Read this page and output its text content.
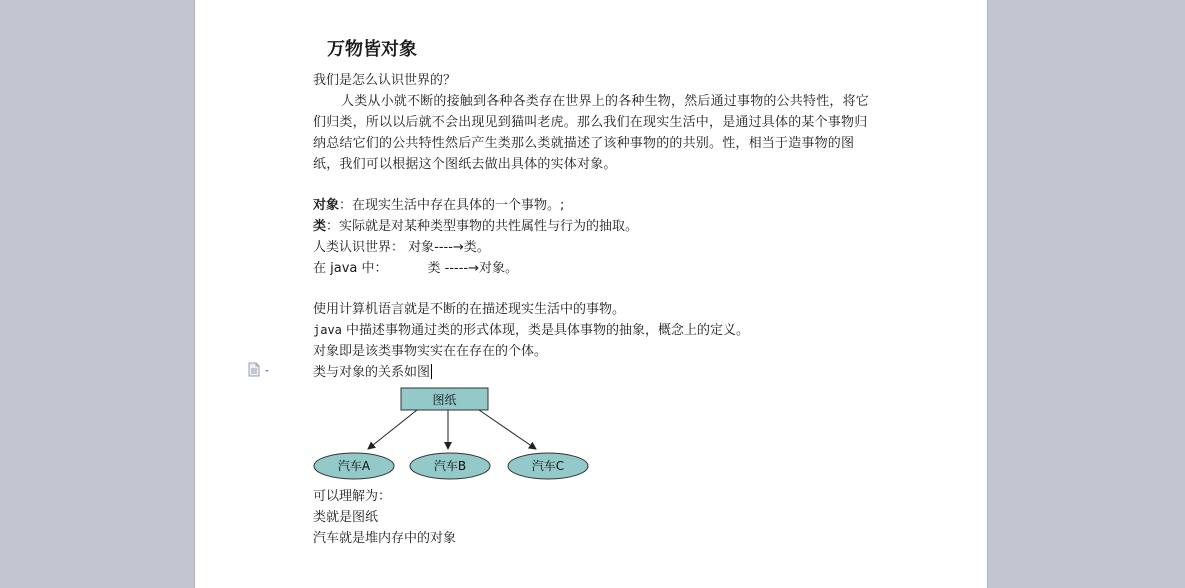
万物皆对象
我们是怎么认识世界的？
人类从小就不断的接触到各种各类存在世界上的各种生物，然后通过事物的公共特性，将它们归类，所以以后就不会出现见到猫叫老虎。那么我们在现实生活中，是通过具体的某个事物归纳总结它们的公共特性然后产生类那么类就描述了该种事物的的共别。性，相当于造事物的图纸，我们可以根据这个图纸去做出具体的实体对象。
对象：在现实生活中存在具体的一个事物。;
类：实际就是对某种类型事物的共性属性与行为的抽取。
人类认识世界： 对象----→类。
在 java 中：	类 -----→对象。
使用计算机语言就是不断的在描述现实生活中的事物。
java 中描述事物通过类的形式体现，类是具体事物的抽象，概念上的定义。
对象即是该类事物实实在在存在的个体。
类与对象的关系如图
可以理解为：
类就是图纸
汽车就是堆内存中的对象
图纸
汽车A	汽车B	汽车C
